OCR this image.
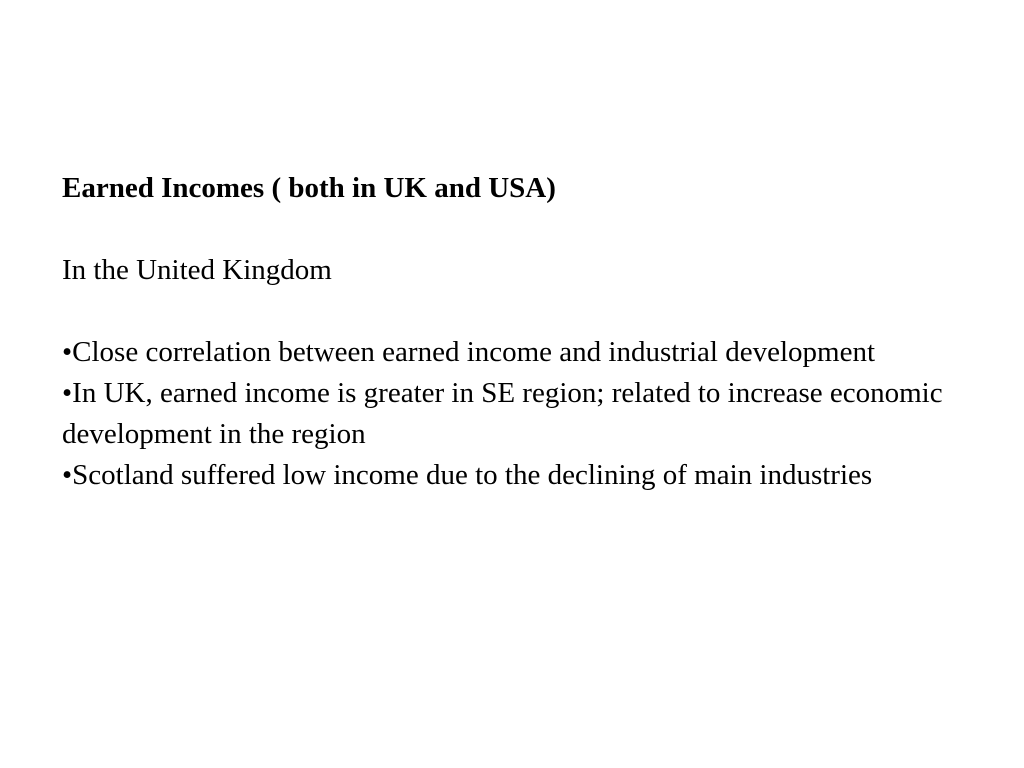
Earned Incomes ( both in UK and USA)

In the United Kingdom

•Close correlation between earned income and industrial development
•In UK, earned income is greater in SE region; related to increase economic development in the region
•Scotland suffered low income due to the declining of main industries
